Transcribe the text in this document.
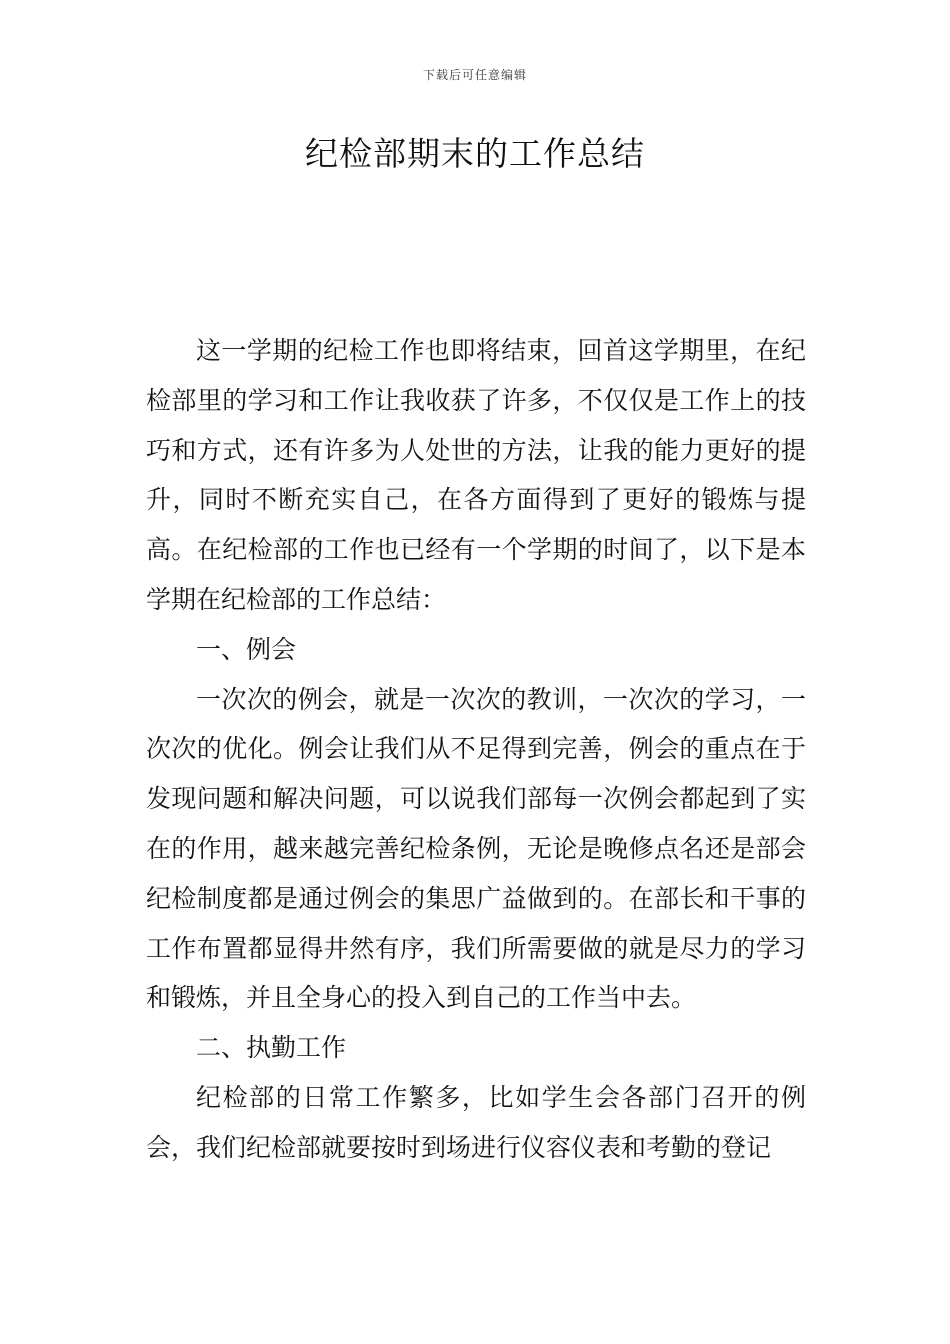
下载后可任意编辑
纪检部期末的工作总结

这一学期的纪检工作也即将结束，回首这学期里，在纪检部里的学习和工作让我收获了许多，不仅仅是工作上的技巧和方式，还有许多为人处世的方法，让我的能力更好的提升，同时不断充实自己，在各方面得到了更好的锻炼与提高。在纪检部的工作也已经有一个学期的时间了，以下是本学期在纪检部的工作总结：

一、例会

一次次的例会，就是一次次的教训，一次次的学习，一次次的优化。例会让我们从不足得到完善，例会的重点在于发现问题和解决问题，可以说我们部每一次例会都起到了实在的作用，越来越完善纪检条例，无论是晚修点名还是部会纪检制度都是通过例会的集思广益做到的。在部长和干事的工作布置都显得井然有序，我们所需要做的就是尽力的学习和锻炼，并且全身心的投入到自己的工作当中去。

二、执勤工作

纪检部的日常工作繁多，比如学生会各部门召开的例会，我们纪检部就要按时到场进行仪容仪表和考勤的登记
